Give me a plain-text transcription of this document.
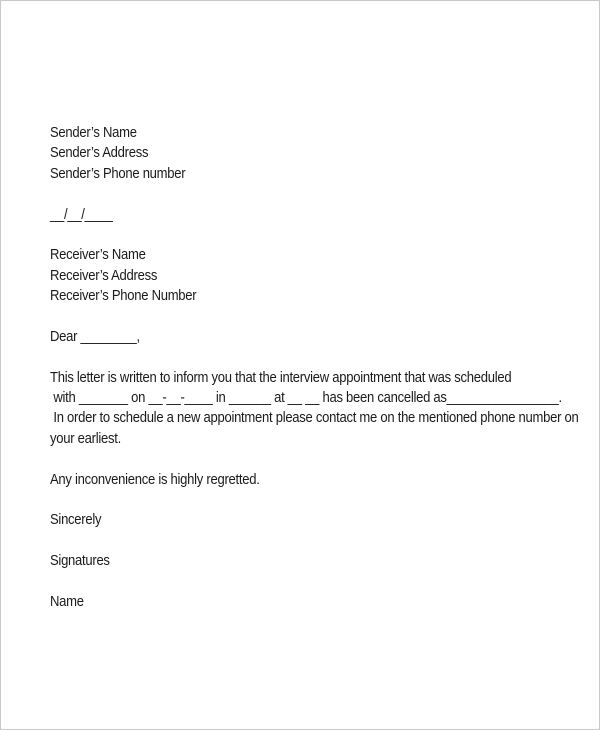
Sender’s Name
Sender’s Address
Sender’s Phone number
__/__/____
Receiver’s Name
Receiver’s Address
Receiver’s Phone Number
Dear ________,
This letter is written to inform you that the interview appointment that was scheduled
with _______ on __-__-____ in ______ at __ __ has been cancelled as________________.
In order to schedule a new appointment please contact me on the mentioned phone number on
your earliest.
Any inconvenience is highly regretted.
Sincerely
Signatures
Name
